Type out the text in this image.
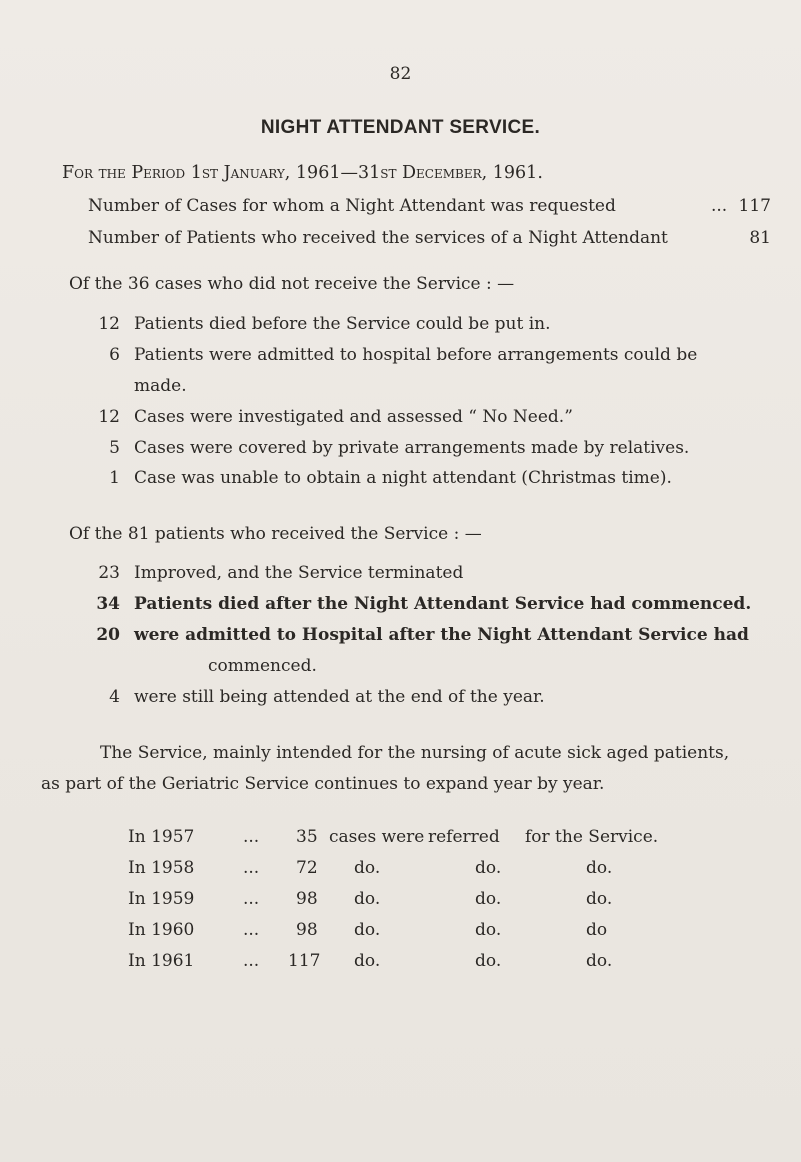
82
NIGHT ATTENDANT SERVICE.
For the Period 1st January, 1961—31st December, 1961.
Number of Cases for whom a Night Attendant was requested	... 117
Number of Patients who received the services of a Night Attendant	81
Of the 36 cases who did not receive the Service : —
12 Patients died before the Service could be put in.
6 Patients were admitted to hospital before arrangements could be
made.
12 Cases were investigated and assessed “ No Need.”
5 Cases were covered by private arrangements made by relatives.
1 Case was unable to obtain a night attendant (Christmas time).
Of the 81 patients who received the Service : —
23 Improved, and the Service terminated
34 Patients died after the Night Attendant Service had commenced.
20 were admitted to Hospital after the Night Attendant Service had
commenced.
4 were still being attended at the end of the year.
The Service, mainly intended for the nursing of acute sick aged patients,
as part of the Geriatric Service continues to expand year by year.
In 1957	... 35 cases were referred for the Service.
In 1958	... 72 do.	do.	do.
In 1959	... 98 do.	do.	do.
In 1960	... 98 do.	do.	do
In 1961	... 117 do.	do.	do.
